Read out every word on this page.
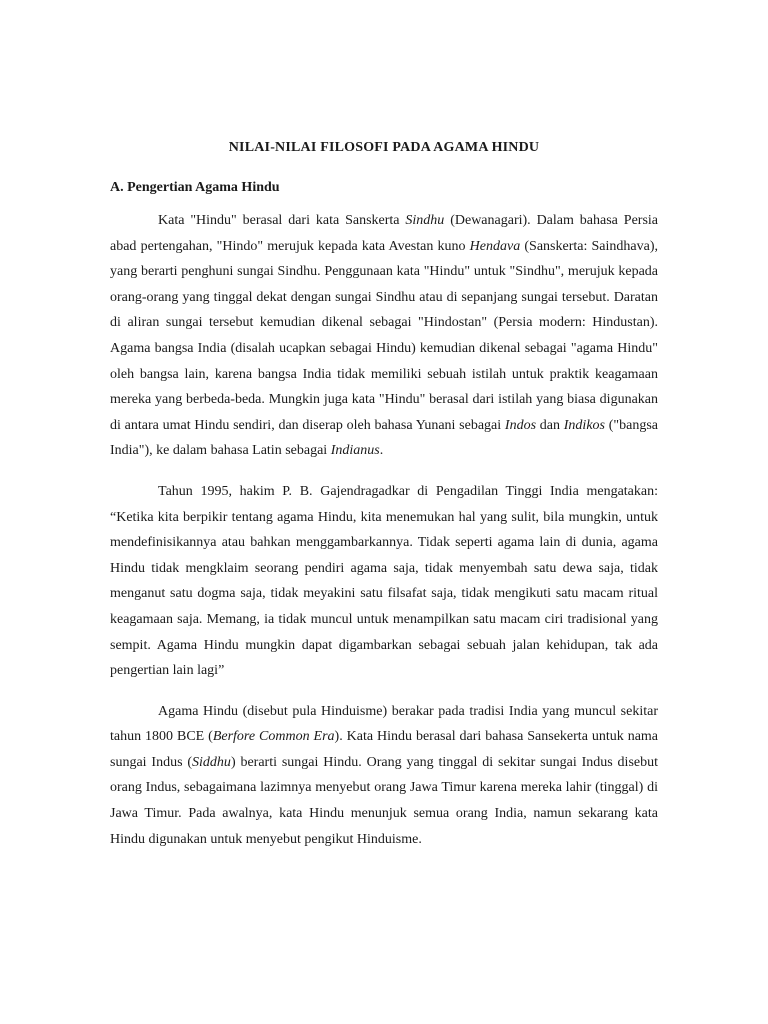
NILAI-NILAI FILOSOFI PADA AGAMA HINDU
A. Pengertian Agama Hindu

Kata "Hindu" berasal dari kata Sanskerta Sindhu (Dewanagari). Dalam bahasa Persia abad pertengahan, "Hindo" merujuk kepada kata Avestan kuno Hendava (Sanskerta: Saindhava), yang berarti penghuni sungai Sindhu. Penggunaan kata "Hindu" untuk "Sindhu", merujuk kepada orang-orang yang tinggal dekat dengan sungai Sindhu atau di sepanjang sungai tersebut. Daratan di aliran sungai tersebut kemudian dikenal sebagai "Hindostan" (Persia modern: Hindustan). Agama bangsa India (disalah ucapkan sebagai Hindu) kemudian dikenal sebagai "agama Hindu" oleh bangsa lain, karena bangsa India tidak memiliki sebuah istilah untuk praktik keagamaan mereka yang berbeda-beda. Mungkin juga kata "Hindu" berasal dari istilah yang biasa digunakan di antara umat Hindu sendiri, dan diserap oleh bahasa Yunani sebagai Indos dan Indikos ("bangsa India"), ke dalam bahasa Latin sebagai Indianus.

Tahun 1995, hakim P. B. Gajendragadkar di Pengadilan Tinggi India mengatakan: “Ketika kita berpikir tentang agama Hindu, kita menemukan hal yang sulit, bila mungkin, untuk mendefinisikannya atau bahkan menggambarkannya. Tidak seperti agama lain di dunia, agama Hindu tidak mengklaim seorang pendiri agama saja, tidak menyembah satu dewa saja, tidak menganut satu dogma saja, tidak meyakini satu filsafat saja, tidak mengikuti satu macam ritual keagamaan saja. Memang, ia tidak muncul untuk menampilkan satu macam ciri tradisional yang sempit. Agama Hindu mungkin dapat digambarkan sebagai sebuah jalan kehidupan, tak ada pengertian lain lagi”

Agama Hindu (disebut pula Hinduisme) berakar pada tradisi India yang muncul sekitar tahun 1800 BCE (Berfore Common Era). Kata Hindu berasal dari bahasa Sansekerta untuk nama sungai Indus (Siddhu) berarti sungai Hindu. Orang yang tinggal di sekitar sungai Indus disebut orang Indus, sebagaimana lazimnya menyebut orang Jawa Timur karena mereka lahir (tinggal) di Jawa Timur. Pada awalnya, kata Hindu menunjuk semua orang India, namun sekarang kata Hindu digunakan untuk menyebut pengikut Hinduisme.
